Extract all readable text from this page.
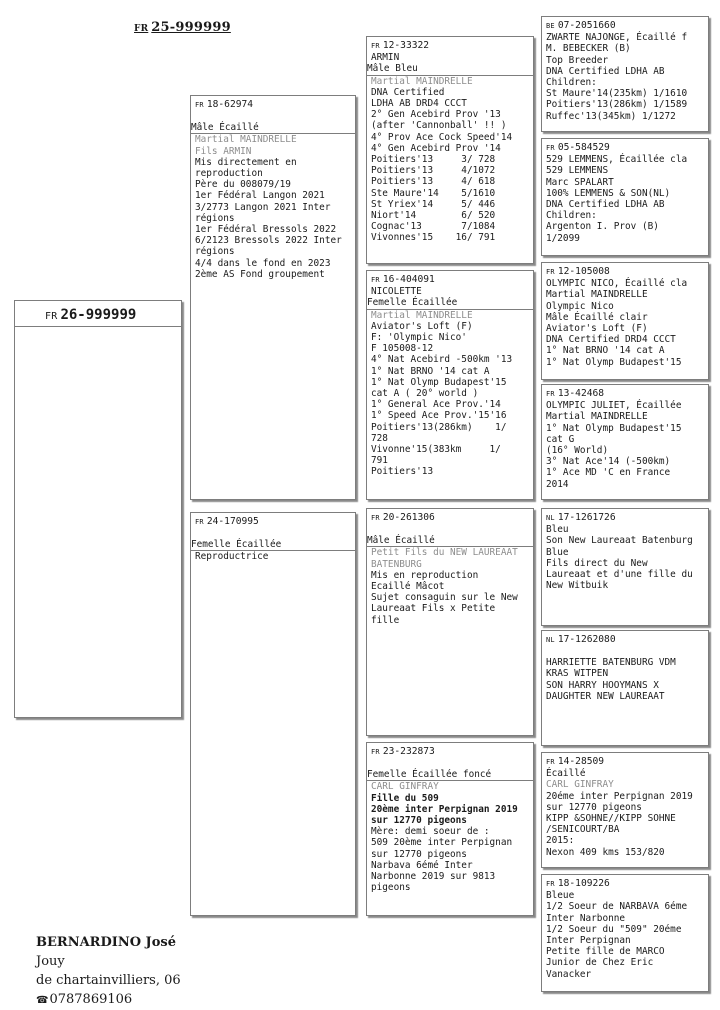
FR 25-999999
FR 26-999999
FR 18-62974
Mâle Écaillé
Martial MAINDRELLE
Fils ARMIN
Mis directement en
reproduction
Père du 008079/19
1er Fédéral Langon 2021
3/2773 Langon 2021 Inter
régions
1er Fédéral Bressols 2022
6/2123 Bressols 2022 Inter
régions
4/4 dans le fond en 2023
2ème AS Fond groupement
FR 24-170995
Femelle Écaillée
Reproductrice
FR 12-33322
ARMIN
Mâle Bleu
Martial MAINDRELLE
DNA Certified
LDHA AB DRD4 CCCT
2° Gen Acebird Prov '13
(after 'Cannonball' !! )
4° Prov Ace Cock Speed'14
4° Gen Acebird Prov '14
Poitiers'13     3/ 728
Poitiers'13     4/1072
Poitiers'13     4/ 618
Ste Maure'14    5/1610
St Yriex'14     5/ 446
Niort'14        6/ 520
Cognac'13       7/1084
Vivonnes'15    16/ 791
FR 16-404091
NICOLETTE
Femelle Écaillée
Martial MAINDRELLE
Aviator's Loft (F)
F: 'Olympic Nico'
F 105008-12
4° Nat Acebird -500km '13
1° Nat BRNO '14 cat A
1° Nat Olymp Budapest'15
cat A ( 20° world )
1° General Ace Prov.'14
1° Speed Ace Prov.'15'16
Poitiers'13(286km)    1/
728
Vivonne'15(383km     1/
791
Poitiers'13
FR 20-261306
Mâle Écaillé
Petit Fils du NEW LAUREAAT
BATENBURG
Mis en reproduction
Ecaillé Mâcot
Sujet consaguin sur le New
Laureaat Fils x Petite
fille
FR 23-232873
Femelle Écaillée foncé
CARL GINFRAY
Fille du 509
20ème inter Perpignan 2019
sur 12770 pigeons
Mère: demi soeur de :
509 20ème inter Perpignan
sur 12770 pigeons
Narbava 6émé Inter
Narbonne 2019 sur 9813
pigeons
BE 07-2051660
ZWARTE NAJONGE, Écaillé f
M. BEBECKER (B)
Top Breeder
DNA Certified LDHA AB
Children:
St Maure'14(235km) 1/1610
Poitiers'13(286km) 1/1589
Ruffec'13(345km) 1/1272
FR 05-584529
529 LEMMENS, Écaillée cla
529 LEMMENS
Marc SPALART
100% LEMMENS & SON(NL)
DNA Certified LDHA AB
Children:
Argenton I. Prov (B)
1/2099
FR 12-105008
OLYMPIC NICO, Écaillé cla
Martial MAINDRELLE
Olympic Nico
Mâle Écaillé clair
Aviator's Loft (F)
DNA Certified DRD4 CCCT
1° Nat BRNO '14 cat A
1° Nat Olymp Budapest'15
FR 13-42468
OLYMPIC JULIET, Écaillée
Martial MAINDRELLE
1° Nat Olymp Budapest'15
cat G
(16° World)
3° Nat Ace'14 (-500km)
1° Ace MD 'C en France
2014
NL 17-1261726
Bleu
Son New Laureaat Batenburg
Blue
Fils direct du New
Laureaat et d'une fille du
New Witbuik
NL 17-1262080
HARRIETTE BATENBURG VDM
KRAS WITPEN
SON HARRY HOOYMANS X
DAUGHTER NEW LAUREAAT
FR 14-28509
Écaillé
CARL GINFRAY
20éme inter Perpignan 2019
sur 12770 pigeons
KIPP &SOHNE//KIPP SOHNE
/SENICOURT/BA
2015:
Nexon 409 kms 153/820
FR 18-109226
Bleue
1/2 Soeur de NARBAVA 6éme
Inter Narbonne
1/2 Soeur du "509" 20éme
Inter Perpignan
Petite fille de MARCO
Junior de Chez Eric
Vanacker
BERNARDINO José
Jouy
de chartainvilliers, 06
☎0787869106
